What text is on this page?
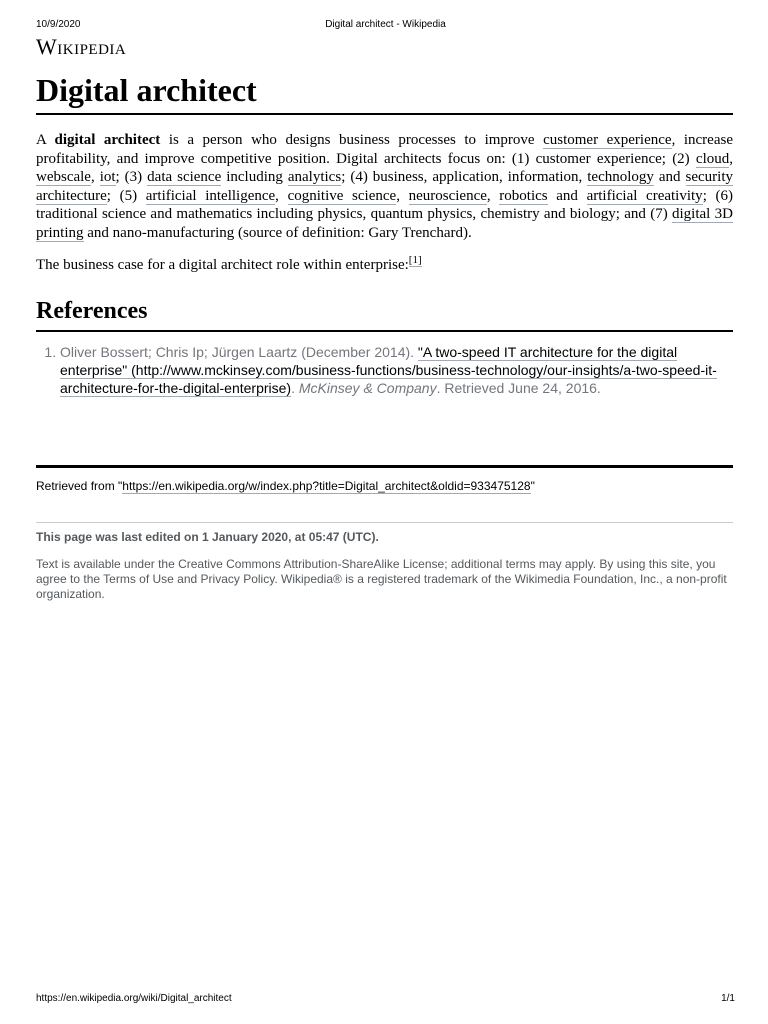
10/9/2020	Digital architect - Wikipedia
Wikipedia
Digital architect

A digital architect is a person who designs business processes to improve customer experience, increase profitability, and improve competitive position. Digital architects focus on: (1) customer experience; (2) cloud, webscale, iot; (3) data science including analytics; (4) business, application, information, technology and security architecture; (5) artificial intelligence, cognitive science, neuroscience, robotics and artificial creativity; (6) traditional science and mathematics including physics, quantum physics, chemistry and biology; and (7) digital 3D printing and nano-manufacturing (source of definition: Gary Trenchard).

The business case for a digital architect role within enterprise:[1]

References
1. Oliver Bossert; Chris Ip; Jürgen Laartz (December 2014). "A two-speed IT architecture for the digital enterprise" (http://www.mckinsey.com/business-functions/business-technology/our-insights/a-two-speed-it-architecture-for-the-digital-enterprise). McKinsey & Company. Retrieved June 24, 2016.
Retrieved from "https://en.wikipedia.org/w/index.php?title=Digital_architect&oldid=933475128"
This page was last edited on 1 January 2020, at 05:47 (UTC).
Text is available under the Creative Commons Attribution-ShareAlike License; additional terms may apply. By using this site, you agree to the Terms of Use and Privacy Policy. Wikipedia® is a registered trademark of the Wikimedia Foundation, Inc., a non-profit organization.
https://en.wikipedia.org/wiki/Digital_architect	1/1
